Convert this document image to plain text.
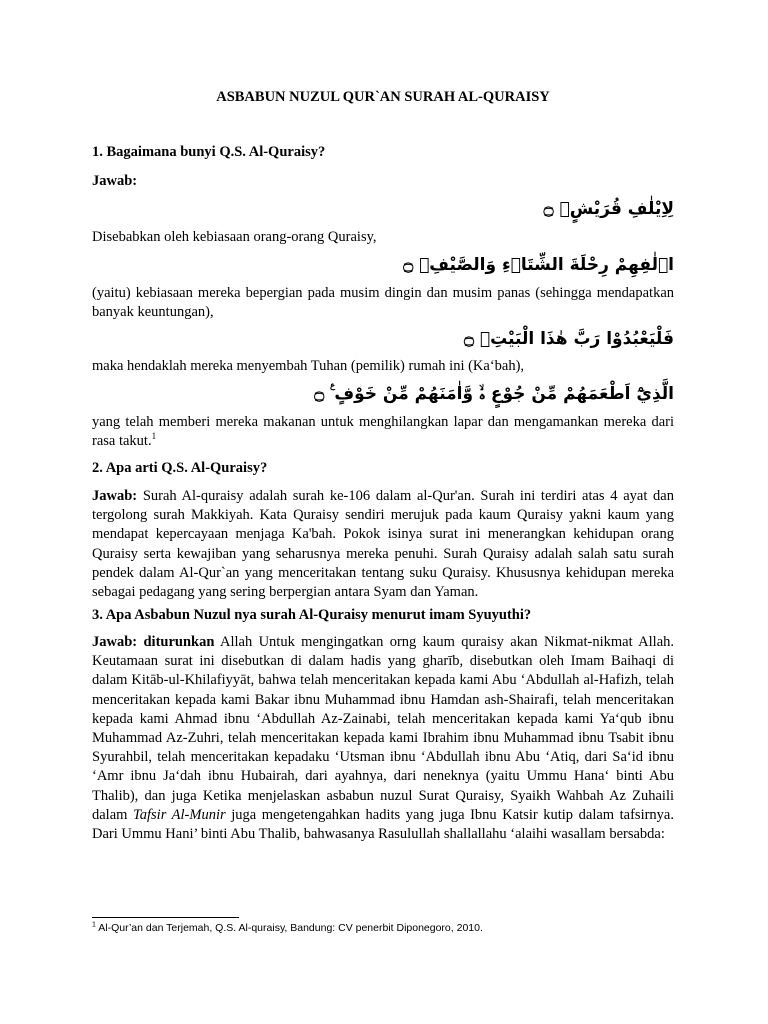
ASBABUN NUZUL QUR`AN SURAH AL-QURAISY
1. Bagaimana bunyi Q.S. Al-Quraisy?
Jawab:
لِاِيْلٰفِ قُرَيْشٍۙ ۝
Disebabkan oleh kebiasaan orang-orang Quraisy,
اٖلٰفِهِمْ رِحْلَةَ الشِّتَاۤءِ وَالصَّيْفِۚ ۝
(yaitu) kebiasaan mereka bepergian pada musim dingin dan musim panas (sehingga mendapatkan banyak keuntungan),
فَلْيَعْبُدُوْا رَبَّ هٰذَا الْبَيْتِۙ ۝
maka hendaklah mereka menyembah Tuhan (pemilik) rumah ini (Ka‘bah),
الَّذِيْٓ اَطْعَمَهُمْ مِّنْ جُوْعٍ ەۙ وَّاٰمَنَهُمْ مِّنْ خَوْفٍ ࣖ ۝
yang telah memberi mereka makanan untuk menghilangkan lapar dan mengamankan mereka dari rasa takut.$^1$
2. Apa arti Q.S. Al-Quraisy?
Jawab: Surah Al-quraisy adalah surah ke-106 dalam al-Qur'an. Surah ini terdiri atas 4 ayat dan tergolong surah Makkiyah. Kata Quraisy sendiri merujuk pada kaum Quraisy yakni kaum yang mendapat kepercayaan menjaga Ka'bah. Pokok isinya surat ini menerangkan kehidupan orang Quraisy serta kewajiban yang seharusnya mereka penuhi. Surah Quraisy adalah salah satu surah pendek dalam Al-Qur`an yang menceritakan tentang suku Quraisy. Khususnya kehidupan mereka sebagai pedagang yang sering berpergian antara Syam dan Yaman.
3. Apa Asbabun Nuzul nya surah Al-Quraisy menurut imam Syuyuthi?
Jawab: diturunkan Allah Untuk mengingatkan orng kaum quraisy akan Nikmat-nikmat Allah. Keutamaan surat ini disebutkan di dalam hadis yang gharīb, disebutkan oleh Imam Baihaqi di dalam Kitāb-ul-Khilafiyyāt, bahwa telah menceritakan kepada kami Abu ‘Abdullah al-Hafizh, telah menceritakan kepada kami Bakar ibnu Muhammad ibnu Hamdan ash-Shairafi, telah menceritakan kepada kami Ahmad ibnu ‘Abdullah Az-Zainabi, telah menceritakan kepada kami Ya‘qub ibnu Muhammad Az-Zuhri, telah menceritakan kepada kami Ibrahim ibnu Muhammad ibnu Tsabit ibnu Syurahbil, telah menceritakan kepadaku ‘Utsman ibnu ‘Abdullah ibnu Abu ‘Atiq, dari Sa‘id ibnu ‘Amr ibnu Ja‘dah ibnu Hubairah, dari ayahnya, dari neneknya (yaitu Ummu Hana‘ binti Abu Thalib), dan juga Ketika menjelaskan asbabun nuzul Surat Quraisy, Syaikh Wahbah Az Zuhaili dalam Tafsir Al-Munir juga mengetengahkan hadits yang juga Ibnu Katsir kutip dalam tafsirnya. Dari Ummu Hani’ binti Abu Thalib, bahwasanya Rasulullah shallallahu ‘alaihi wasallam bersabda:
$^1$ Al-Qur’an dan Terjemah, Q.S. Al-quraisy, Bandung: CV penerbit Diponegoro, 2010.
